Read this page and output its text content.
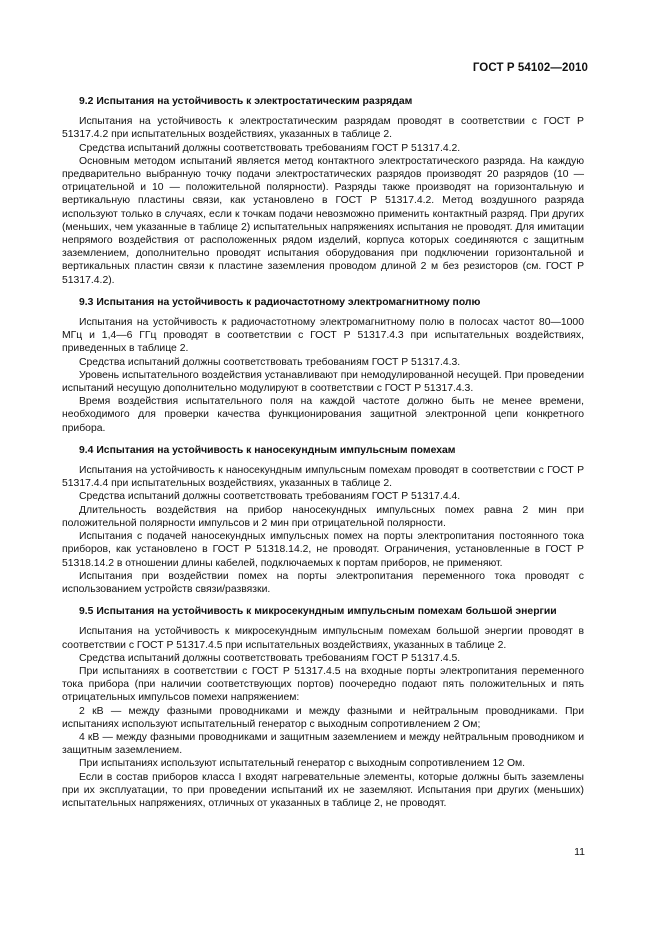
ГОСТ Р 54102—2010
9.2 Испытания на устойчивость к электростатическим разрядам

Испытания на устойчивость к электростатическим разрядам проводят в соответствии с ГОСТ Р 51317.4.2 при испытательных воздействиях, указанных в таблице 2.

Средства испытаний должны соответствовать требованиям ГОСТ Р 51317.4.2.

Основным методом испытаний является метод контактного электростатического разряда. На каждую предварительно выбранную точку подачи электростатических разрядов производят 20 разрядов (10 — отрицательной и 10 — положительной полярности). Разряды также производят на горизонтальную и вертикальную пластины связи, как установлено в ГОСТ Р 51317.4.2. Метод воздушного разряда используют только в случаях, если к точкам подачи невозможно применить контактный разряд. При других (меньших, чем указанные в таблице 2) испытательных напряжениях испытания не проводят. Для имитации непрямого воздействия от расположенных рядом изделий, корпуса которых соединяются с защитным заземлением, дополнительно проводят испытания оборудования при подключении горизонтальной и вертикальных пластин связи к пластине заземления проводом длиной 2 м без резисторов (см. ГОСТ Р 51317.4.2).

9.3 Испытания на устойчивость к радиочастотному электромагнитному полю

Испытания на устойчивость к радиочастотному электромагнитному полю в полосах частот 80—1000 МГц и 1,4—6 ГГц проводят в соответствии с ГОСТ Р 51317.4.3 при испытательных воздействиях, приведенных в таблице 2.

Средства испытаний должны соответствовать требованиям ГОСТ Р 51317.4.3.

Уровень испытательного воздействия устанавливают при немодулированной несущей. При проведении испытаний несущую дополнительно модулируют в соответствии с ГОСТ Р 51317.4.3.

Время воздействия испытательного поля на каждой частоте должно быть не менее времени, необходимого для проверки качества функционирования защитной электронной цепи конкретного прибора.

9.4 Испытания на устойчивость к наносекундным импульсным помехам

Испытания на устойчивость к наносекундным импульсным помехам проводят в соответствии с ГОСТ Р 51317.4.4 при испытательных воздействиях, указанных в таблице 2.

Средства испытаний должны соответствовать требованиям ГОСТ Р 51317.4.4.

Длительность воздействия на прибор наносекундных импульсных помех равна 2 мин при положительной полярности импульсов и 2 мин при отрицательной полярности.

Испытания с подачей наносекундных импульсных помех на порты электропитания постоянного тока приборов, как установлено в ГОСТ Р 51318.14.2, не проводят. Ограничения, установленные в ГОСТ Р 51318.14.2 в отношении длины кабелей, подключаемых к портам приборов, не применяют.

Испытания при воздействии помех на порты электропитания переменного тока проводят с использованием устройств связи/развязки.

9.5 Испытания на устойчивость к микросекундным импульсным помехам большой энергии

Испытания на устойчивость к микросекундным импульсным помехам большой энергии проводят в соответствии с ГОСТ Р 51317.4.5 при испытательных воздействиях, указанных в таблице 2.

Средства испытаний должны соответствовать требованиям ГОСТ Р 51317.4.5.

При испытаниях в соответствии с ГОСТ Р 51317.4.5 на входные порты электропитания переменного тока прибора (при наличии соответствующих портов) поочередно подают пять положительных и пять отрицательных импульсов помехи напряжением:

2 кВ — между фазными проводниками и между фазными и нейтральным проводниками. При испытаниях используют испытательный генератор с выходным сопротивлением 2 Ом;

4 кВ — между фазными проводниками и защитным заземлением и между нейтральным проводником и защитным заземлением.

При испытаниях используют испытательный генератор с выходным сопротивлением 12 Ом.

Если в состав приборов класса I входят нагревательные элементы, которые должны быть заземлены при их эксплуатации, то при проведении испытаний их не заземляют. Испытания при других (меньших) испытательных напряжениях, отличных от указанных в таблице 2, не проводят.

11
